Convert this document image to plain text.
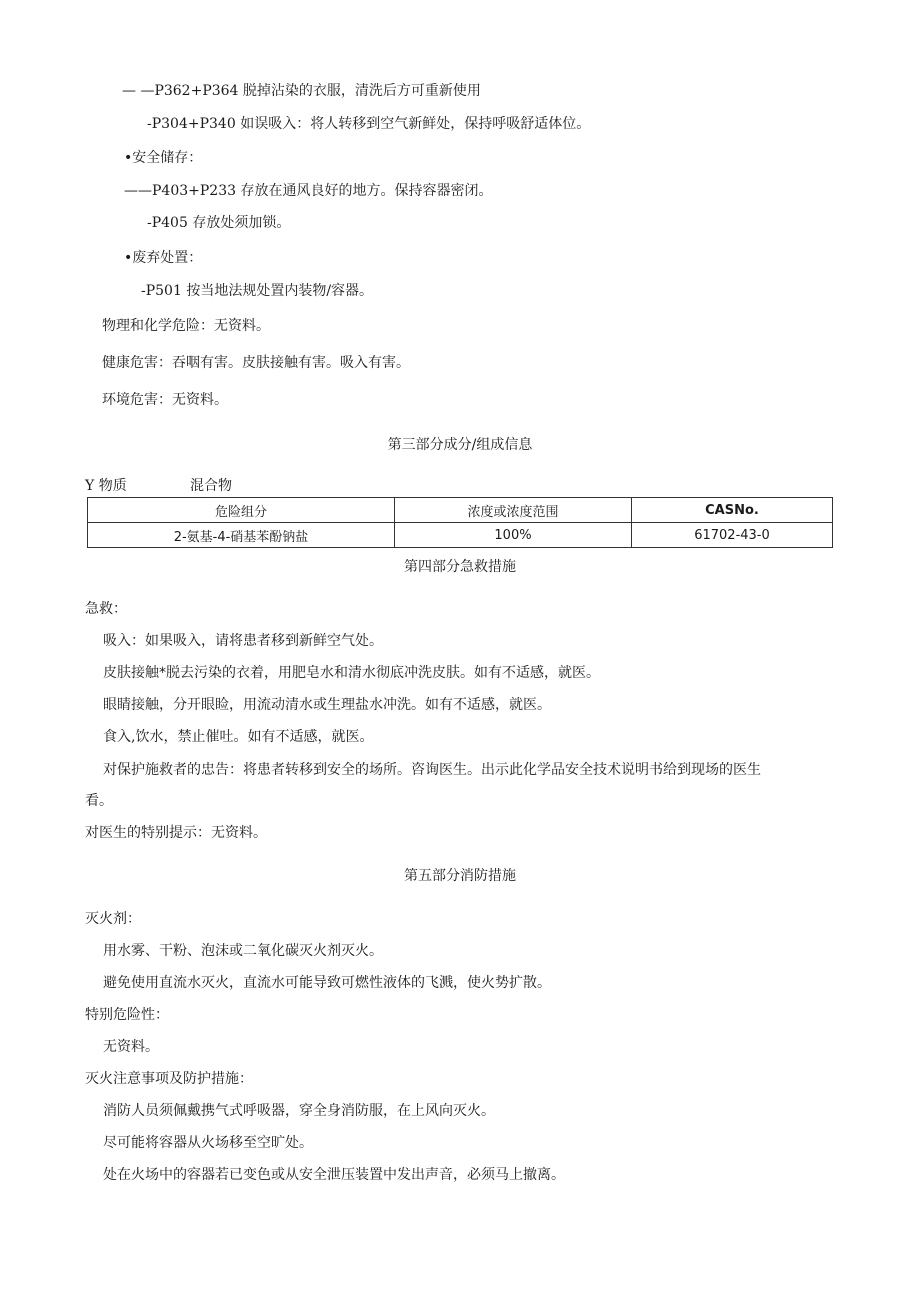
— —P362+P364 脱掉沾染的衣服，清洗后方可重新使用
-P304+P340 如误吸入：将人转移到空气新鲜处，保持呼吸舒适体位。
•安全储存：
——P403+P233 存放在通风良好的地方。保持容器密闭。
-P405 存放处须加锁。
•废弃处置：
-P501 按当地法规处置内装物/容器。
物理和化学危险：无资料。
健康危害：吞咽有害。皮肤接触有害。吸入有害。
环境危害：无资料。
第三部分成分/组成信息
Y 物质	混合物
危险组分	浓度或浓度范围	CASNo.
2-氨基-4-硝基苯酚钠盐	100%	61702-43-0
第四部分急救措施
急救：
吸入：如果吸入，请将患者移到新鲜空气处。
皮肤接触*脱去污染的衣着，用肥皂水和清水彻底冲洗皮肤。如有不适感，就医。
眼睛接触，分开眼睑，用流动清水或生理盐水冲洗。如有不适感，就医。
食入,饮水，禁止催吐。如有不适感，就医。
对保护施救者的忠告：将患者转移到安全的场所。咨询医生。出示此化学品安全技术说明书给到现场的医生
看。
对医生的特别提示：无资料。
第五部分消防措施
灭火剂：
用水雾、干粉、泡沫或二氧化碳灭火剂灭火。
避免使用直流水灭火，直流水可能导致可燃性液体的飞溅，使火势扩散。
特别危险性：
无资料。
灭火注意事项及防护措施：
消防人员须佩戴携气式呼吸器，穿全身消防服，在上风向灭火。
尽可能将容器从火场移至空旷处。
处在火场中的容器若已变色或从安全泄压装置中发出声音，必须马上撤离。
